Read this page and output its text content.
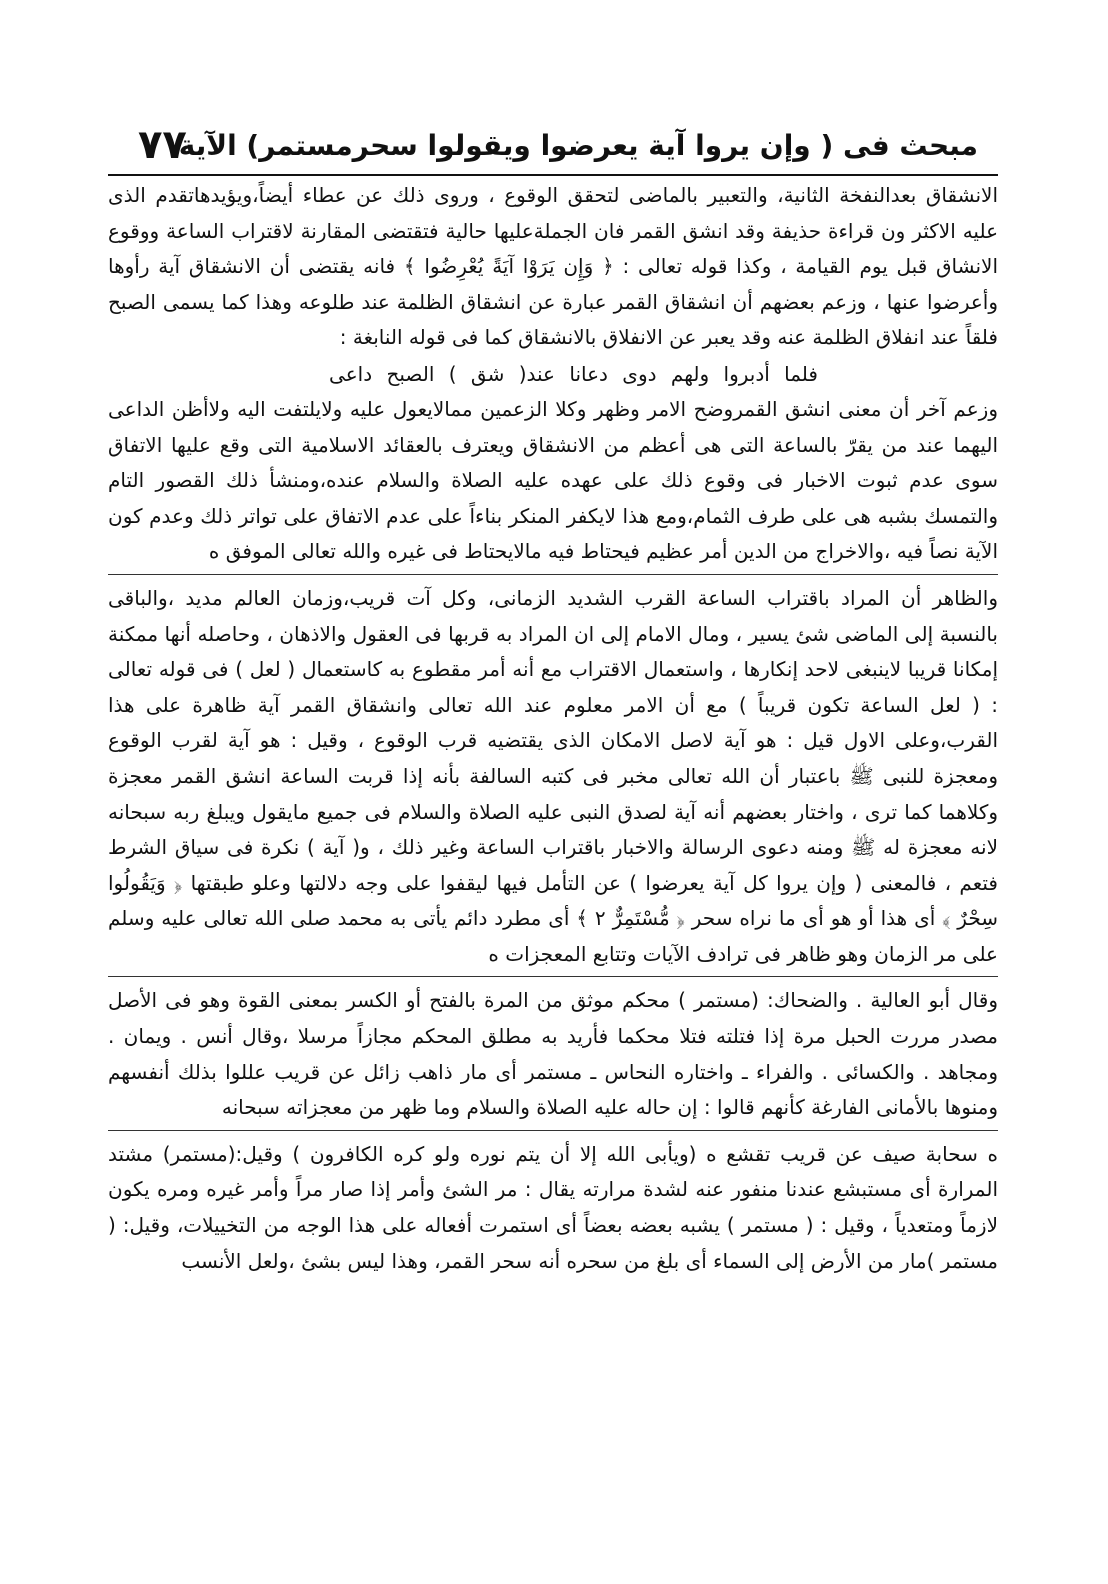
٧٧
مبحث فى ( وإن يروا آية يعرضوا ويقولوا سحرمستمر) الآية

الانشقاق بعدالنفخة الثانية، والتعبير بالماضى لتحقق الوقوع ، وروى ذلك عن عطاء أيضاً،ويؤيدهاتقدم الذى عليه الاكثر ون قراءة حذيفة وقد انشق القمر فان الجملةعليها حالية فتقتضى المقارنة لاقتراب الساعة ووقوع الانشاق قبل يوم القيامة ، وكذا قوله تعالى : ﴿ وَإِن يَرَوْا آيَةً يُعْرِضُوا ﴾ فانه يقتضى أن الانشقاق آية رأوها وأعرضوا عنها ، وزعم بعضهم أن انشقاق القمر عبارة عن انشقاق الظلمة عند طلوعه وهذا كما يسمى الصبح فلقاً عند انفلاق الظلمة عنه وقد يعبر عن الانفلاق بالانشقاق كما فى قوله النابغة :

فلما أدبروا ولهم دوى دعانا عند( شق ) الصبح داعى

وزعم آخر أن معنى انشق القمروضح الامر وظهر وكلا الزعمين ممالايعول عليه ولايلتفت اليه ولاأظن الداعى اليهما عند من يقرّ بالساعة التى هى أعظم من الانشقاق ويعترف بالعقائد الاسلامية التى وقع عليها الاتفاق سوى عدم ثبوت الاخبار فى وقوع ذلك على عهده عليه الصلاة والسلام عنده،ومنشأ ذلك القصور التام والتمسك بشبه هى على طرف الثمام،ومع هذا لايكفر المنكر بناءاً على عدم الاتفاق على تواتر ذلك وعدم كون الآية نصاً فيه ،والاخراج من الدين أمر عظيم فيحتاط فيه مالايحتاط فى غيره والله تعالى الموفق ه

والظاهر أن المراد باقتراب الساعة القرب الشديد الزمانى، وكل آت قريب،وزمان العالم مديد ،والباقى بالنسبة إلى الماضى شئ يسير ، ومال الامام إلى ان المراد به قربها فى العقول والاذهان ، وحاصله أنها ممكنة إمكانا قريبا لاينبغى لاحد إنكارها ، واستعمال الاقتراب مع أنه أمر مقطوع به كاستعمال ( لعل ) فى قوله تعالى : ( لعل الساعة تكون قريباً ) مع أن الامر معلوم عند الله تعالى وانشقاق القمر آية ظاهرة على هذا القرب،وعلى الاول قيل : هو آية لاصل الامكان الذى يقتضيه قرب الوقوع ، وقيل : هو آية لقرب الوقوع ومعجزة للنبى ﷺ باعتبار أن الله تعالى مخبر فى كتبه السالفة بأنه إذا قربت الساعة انشق القمر معجزة وكلاهما كما ترى ، واختار بعضهم أنه آية لصدق النبى عليه الصلاة والسلام فى جميع مايقول ويبلغ ربه سبحانه لانه معجزة له ﷺ ومنه دعوى الرسالة والاخبار باقتراب الساعة وغير ذلك ، و( آية ) نكرة فى سياق الشرط فتعم ، فالمعنى ( وإن يروا كل آية يعرضوا ) عن التأمل فيها ليقفوا على وجه دلالتها وعلو طبقتها ﴿ وَيَقُولُوا سِحْرٌ ﴾ أى هذا أو هو أى ما نراه سحر ﴿ مُّسْتَمِرٌّ ٢ ﴾ أى مطرد دائم يأتى به محمد صلى الله تعالى عليه وسلم على مر الزمان وهو ظاهر فى ترادف الآيات وتتابع المعجزات ه

وقال أبو العالية . والضحاك: (مستمر ) محكم موثق من المرة بالفتح أو الكسر بمعنى القوة وهو فى الأصل مصدر مررت الحبل مرة إذا فتلته فتلا محكما فأريد به مطلق المحكم مجازاً مرسلا ،وقال أنس . ويمان . ومجاهد . والكسائى . والفراء ـ واختاره النحاس ـ مستمر أى مار ذاهب زائل عن قريب عللوا بذلك أنفسهم ومنوها بالأمانى الفارغة كأنهم قالوا : إن حاله عليه الصلاة والسلام وما ظهر من معجزاته سبحانه

ه سحابة صيف عن قريب تقشع ه (ويأبى الله إلا أن يتم نوره ولو كره الكافرون ) وقيل:(مستمر) مشتد المرارة أى مستبشع عندنا منفور عنه لشدة مرارته يقال : مر الشئ وأمر إذا صار مراً وأمر غيره ومره يكون لازماً ومتعدياً ، وقيل : ( مستمر ) يشبه بعضه بعضاً أى استمرت أفعاله على هذا الوجه من التخييلات، وقيل: ( مستمر )مار من الأرض إلى السماء أى بلغ من سحره أنه سحر القمر، وهذا ليس بشئ ،ولعل الأنسب
